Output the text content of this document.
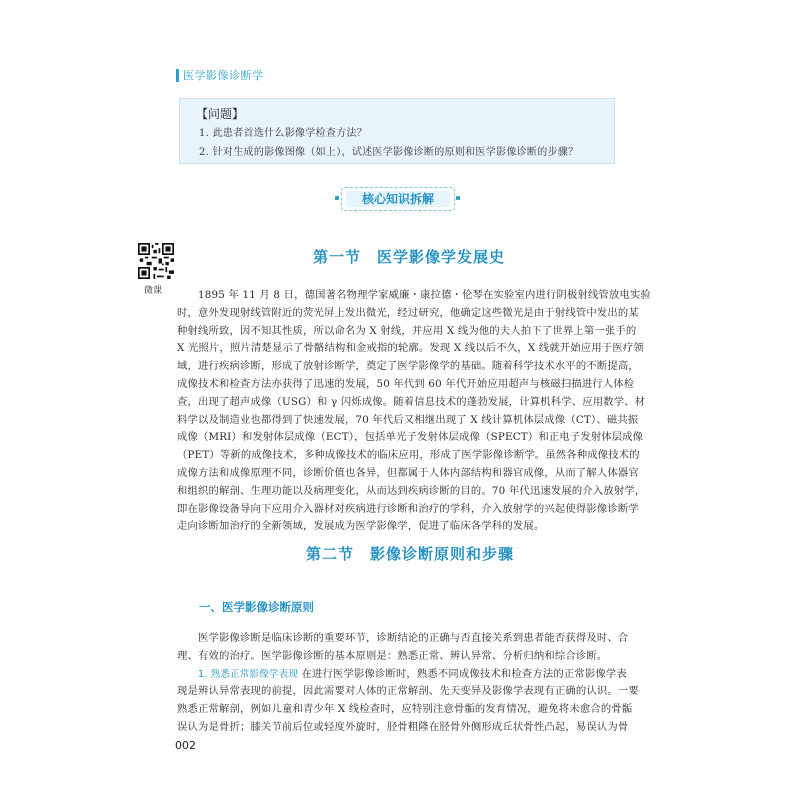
医学影像诊断学
【问题】
1. 此患者首选什么影像学检查方法？
2. 针对生成的影像图像（如上），试述医学影像诊断的原则和医学影像诊断的步骤？
核心知识拆解
微课
第一节　医学影像学发展史

1895 年 11 月 8 日，德国著名物理学家威廉・康拉德・伦琴在实验室内进行阴极射线管放电实验

时，意外发现射线管附近的荧光屏上发出微光，经过研究，他确定这些微光是由于射线管中发出的某

种射线所致，因不知其性质，所以命名为 X 射线，并应用 X 线为他的夫人拍下了世界上第一张手的

X 光照片，照片清楚显示了骨骼结构和金戒指的轮廓。发现 X 线以后不久，X 线就开始应用于医疗领

域，进行疾病诊断，形成了放射诊断学，奠定了医学影像学的基础。随着科学技术水平的不断提高，

成像技术和检查方法亦获得了迅速的发展，50 年代到 60 年代开始应用超声与核磁扫描进行人体检

查，出现了超声成像（USG）和 γ 闪烁成像。随着信息技术的蓬勃发展，计算机科学、应用数学、材

料学以及制造业也都得到了快速发展，70 年代后又相继出现了 X 线计算机体层成像（CT）、磁共振

成像（MRI）和发射体层成像（ECT），包括单光子发射体层成像（SPECT）和正电子发射体层成像

（PET）等新的成像技术，多种成像技术的临床应用，形成了医学影像诊断学。虽然各种成像技术的

成像方法和成像原理不同，诊断价值也各异，但都属于人体内部结构和器官成像，从而了解人体器官

和组织的解剖、生理功能以及病理变化，从而达到疾病诊断的目的。70 年代迅速发展的介入放射学，

即在影像设备导向下应用介入器材对疾病进行诊断和治疗的学科，介入放射学的兴起使得影像诊断学

走向诊断加治疗的全新领域，发展成为医学影像学，促进了临床各学科的发展。

第二节　影像诊断原则和步骤
一、医学影像诊断原则

医学影像诊断是临床诊断的重要环节，诊断结论的正确与否直接关系到患者能否获得及时、合

理、有效的治疗。医学影像诊断的基本原则是：熟悉正常、辨认异常、分析归纳和综合诊断。

1. 熟悉正常影像学表现 在进行医学影像诊断时，熟悉不同成像技术和检查方法的正常影像学表

现是辨认异常表现的前提，因此需要对人体的正常解剖、先天变异及影像学表现有正确的认识。一要

熟悉正常解剖，例如儿童和青少年 X 线检查时，应特别注意骨骺的发育情况，避免将未愈合的骨骺

误认为是骨折；膝关节前后位或轻度外旋时，胫骨粗隆在胫骨外侧形成丘状骨性凸起，易误认为骨

002
